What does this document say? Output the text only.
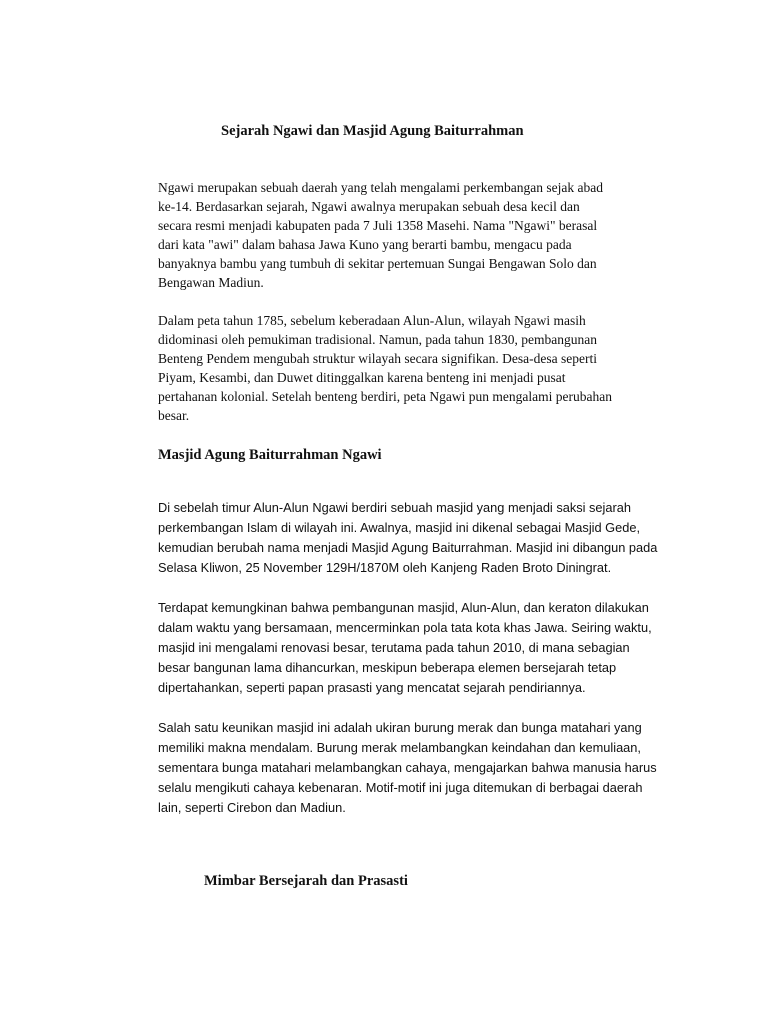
Sejarah Ngawi dan Masjid Agung Baiturrahman

Ngawi merupakan sebuah daerah yang telah mengalami perkembangan sejak abad
ke-14. Berdasarkan sejarah, Ngawi awalnya merupakan sebuah desa kecil dan
secara resmi menjadi kabupaten pada 7 Juli 1358 Masehi. Nama "Ngawi" berasal
dari kata "awi" dalam bahasa Jawa Kuno yang berarti bambu, mengacu pada
banyaknya bambu yang tumbuh di sekitar pertemuan Sungai Bengawan Solo dan
Bengawan Madiun.

Dalam peta tahun 1785, sebelum keberadaan Alun-Alun, wilayah Ngawi masih
didominasi oleh pemukiman tradisional. Namun, pada tahun 1830, pembangunan
Benteng Pendem mengubah struktur wilayah secara signifikan. Desa-desa seperti
Piyam, Kesambi, dan Duwet ditinggalkan karena benteng ini menjadi pusat
pertahanan kolonial. Setelah benteng berdiri, peta Ngawi pun mengalami perubahan
besar.

Masjid Agung Baiturrahman Ngawi

Di sebelah timur Alun-Alun Ngawi berdiri sebuah masjid yang menjadi saksi sejarah
perkembangan Islam di wilayah ini. Awalnya, masjid ini dikenal sebagai Masjid Gede,
kemudian berubah nama menjadi Masjid Agung Baiturrahman. Masjid ini dibangun pada
Selasa Kliwon, 25 November 129H/1870M oleh Kanjeng Raden Broto Diningrat.

Terdapat kemungkinan bahwa pembangunan masjid, Alun-Alun, dan keraton dilakukan
dalam waktu yang bersamaan, mencerminkan pola tata kota khas Jawa. Seiring waktu,
masjid ini mengalami renovasi besar, terutama pada tahun 2010, di mana sebagian
besar bangunan lama dihancurkan, meskipun beberapa elemen bersejarah tetap
dipertahankan, seperti papan prasasti yang mencatat sejarah pendiriannya.

Salah satu keunikan masjid ini adalah ukiran burung merak dan bunga matahari yang
memiliki makna mendalam. Burung merak melambangkan keindahan dan kemuliaan,
sementara bunga matahari melambangkan cahaya, mengajarkan bahwa manusia harus
selalu mengikuti cahaya kebenaran. Motif-motif ini juga ditemukan di berbagai daerah
lain, seperti Cirebon dan Madiun.

Mimbar Bersejarah dan Prasasti
